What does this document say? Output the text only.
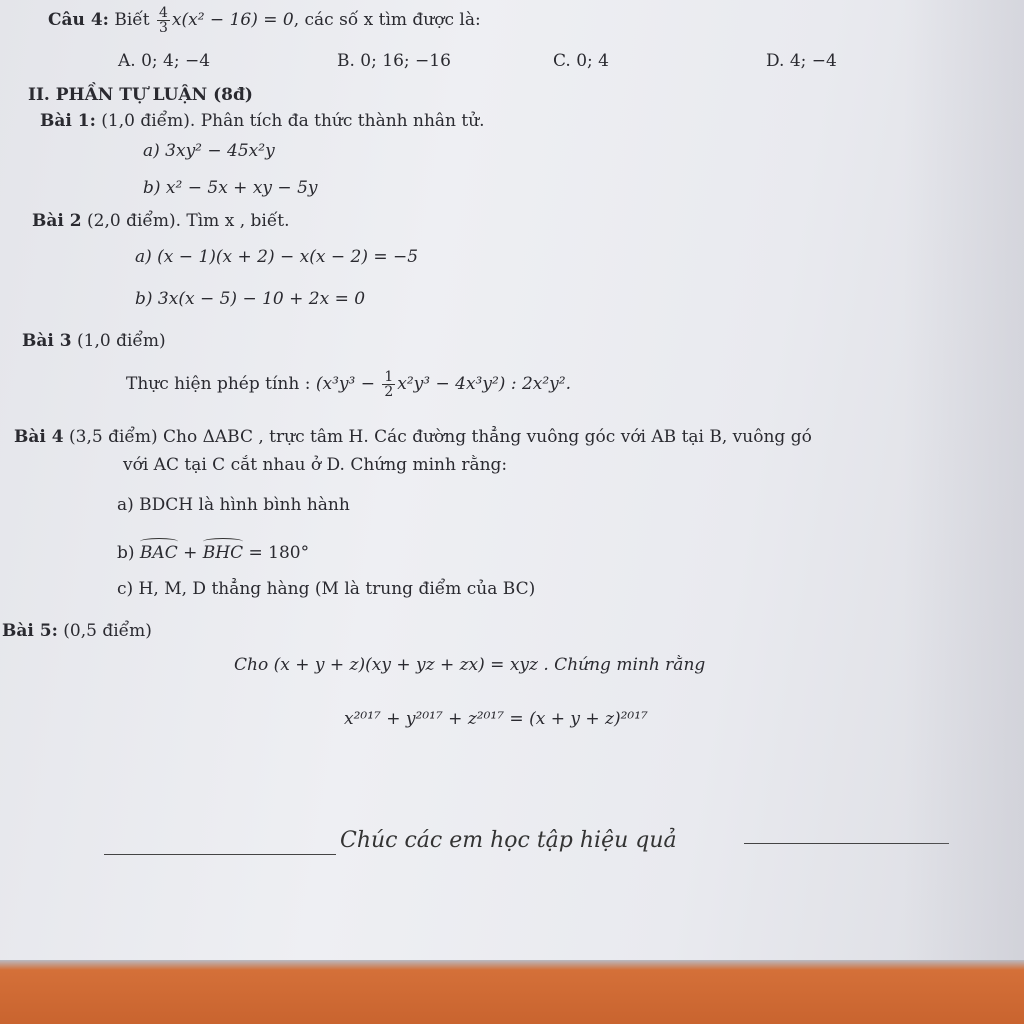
Câu 4: Biết $\frac{4}{3} x(x^2 - 16) = 0$, các số x tìm được là:
A. 0; 4; −4	B. 0; 16; −16	C. 0; 4	D. 4; −4
II. PHẦN TỰ LUẬN (8đ)
Bài 1: (1,0 điểm). Phân tích đa thức thành nhân tử.
a) 3xy² − 45x²y
b) x² − 5x + xy − 5y
Bài 2 (2,0 điểm). Tìm x , biết.
a) (x − 1)(x + 2) − x(x − 2) = −5
b) 3x(x − 5) − 10 + 2x = 0
Bài 3 (1,0 điểm)
Thực hiện phép tính : $(x^3y^3 - \frac{1}{2} x^2y^3 - 4x^3y^2)$ : 2x²y².
Bài 4 (3,5 điểm) Cho ΔABC , trực tâm H. Các đường thẳng vuông góc với AB tại B, vuông gó
với AC tại C cắt nhau ở D. Chứng minh rằng:
a) BDCH là hình bình hành
b) BAC + BHC = 180°
c) H, M, D thẳng hàng (M là trung điểm của BC)
Bài 5: (0,5 điểm)
Cho (x + y + z)(xy + yz + zx) = xyz . Chứng minh rằng
x²⁰¹⁷ + y²⁰¹⁷ + z²⁰¹⁷ = (x + y + z)²⁰¹⁷
Chúc các em học tập hiệu quả
